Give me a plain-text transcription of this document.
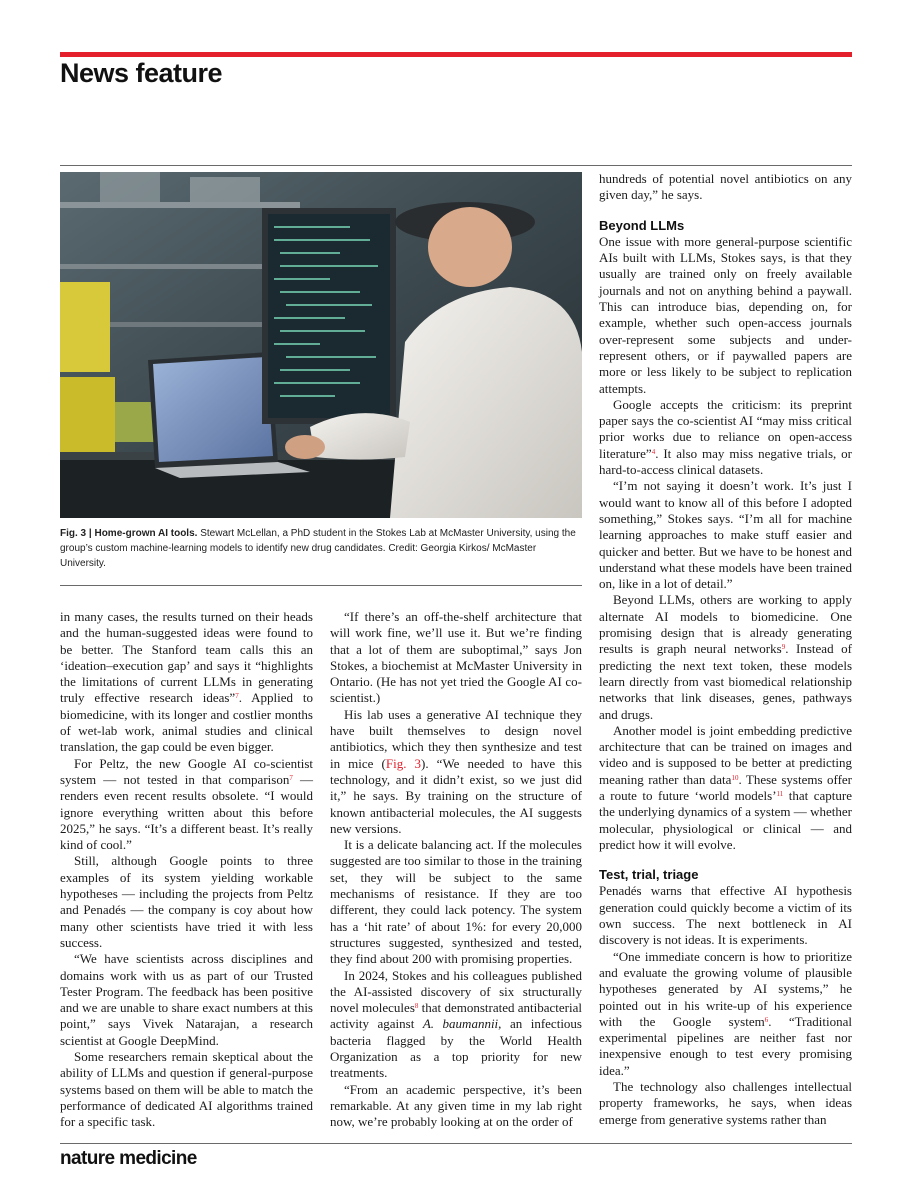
News feature

Fig. 3 | Home-grown AI tools. Stewart McLellan, a PhD student in the Stokes Lab at McMaster University, using the group’s custom machine-learning models to identify new drug candidates. Credit: Georgia Kirkos/ McMaster University.

in many cases, the results turned on their heads and the human-suggested ideas were found to be better. The Stanford team calls this an ‘ideation–execution gap’ and says it “highlights the limitations of current LLMs in generating truly effective research ideas”$^7$. Applied to biomedicine, with its longer and costlier months of wet-lab work, animal studies and clinical translation, the gap could be even bigger.

For Peltz, the new Google AI co-scientist system — not tested in that comparison$^7$ — renders even recent results obsolete. “I would ignore everything written about this before 2025,” he says. “It’s a different beast. It’s really kind of cool.”

Still, although Google points to three examples of its system yielding workable hypotheses — including the projects from Peltz and Penadés — the company is coy about how many other scientists have tried it with less success.

“We have scientists across disciplines and domains work with us as part of our Trusted Tester Program. The feedback has been positive and we are unable to share exact numbers at this point,” says Vivek Natarajan, a research scientist at Google DeepMind.

Some researchers remain skeptical about the ability of LLMs and question if general-purpose systems based on them will be able to match the performance of dedicated AI algorithms trained for a specific task.

“If there’s an off-the-shelf architecture that will work fine, we’ll use it. But we’re finding that a lot of them are suboptimal,” says Jon Stokes, a biochemist at McMaster University in Ontario. (He has not yet tried the Google AI co-scientist.)

His lab uses a generative AI technique they have built themselves to design novel antibiotics, which they then synthesize and test in mice (Fig. 3). “We needed to have this technology, and it didn’t exist, so we just did it,” he says. By training on the structure of known antibacterial molecules, the AI suggests new versions.

It is a delicate balancing act. If the molecules suggested are too similar to those in the training set, they will be subject to the same mechanisms of resistance. If they are too different, they could lack potency. The system has a ‘hit rate’ of about 1%: for every 20,000 structures suggested, synthesized and tested, they find about 200 with promising properties.

In 2024, Stokes and his colleagues published the AI-assisted discovery of six structurally novel molecules$^8$ that demonstrated antibacterial activity against A. baumannii, an infectious bacteria flagged by the World Health Organization as a top priority for new treatments.

“From an academic perspective, it’s been remarkable. At any given time in my lab right now, we’re probably looking at on the order of

hundreds of potential novel antibiotics on any given day,” he says.

Beyond LLMs

One issue with more general-purpose scientific AIs built with LLMs, Stokes says, is that they usually are trained only on freely available journals and not on anything behind a paywall. This can introduce bias, depending on, for example, whether such open-access journals over-represent some subjects and under-represent others, or if paywalled papers are more or less likely to be subject to replication attempts.

Google accepts the criticism: its preprint paper says the co-scientist AI “may miss critical prior works due to reliance on open-access literature”$^4$. It also may miss negative trials, or hard-to-access clinical datasets.

“I’m not saying it doesn’t work. It’s just I would want to know all of this before I adopted something,” Stokes says. “I’m all for machine learning approaches to make stuff easier and quicker and better. But we have to be honest and understand what these models have been trained on, like in a lot of detail.”

Beyond LLMs, others are working to apply alternate AI models to biomedicine. One promising design that is already generating results is graph neural networks$^9$. Instead of predicting the next text token, these models learn directly from vast biomedical relationship networks that link diseases, genes, pathways and drugs.

Another model is joint embedding predictive architecture that can be trained on images and video and is supposed to be better at predicting meaning rather than data$^{10}$. These systems offer a route to future ‘world models’$^{11}$ that capture the underlying dynamics of a system — whether molecular, physiological or clinical — and predict how it will evolve.

Test, trial, triage

Penadés warns that effective AI hypothesis generation could quickly become a victim of its own success. The next bottleneck in AI discovery is not ideas. It is experiments.

“One immediate concern is how to prioritize and evaluate the growing volume of plausible hypotheses generated by AI systems,” he pointed out in his write-up of his experience with the Google system$^6$. “Traditional experimental pipelines are neither fast nor inexpensive enough to test every promising idea.”

The technology also challenges intellectual property frameworks, he says, when ideas emerge from generative systems rather than

nature medicine
